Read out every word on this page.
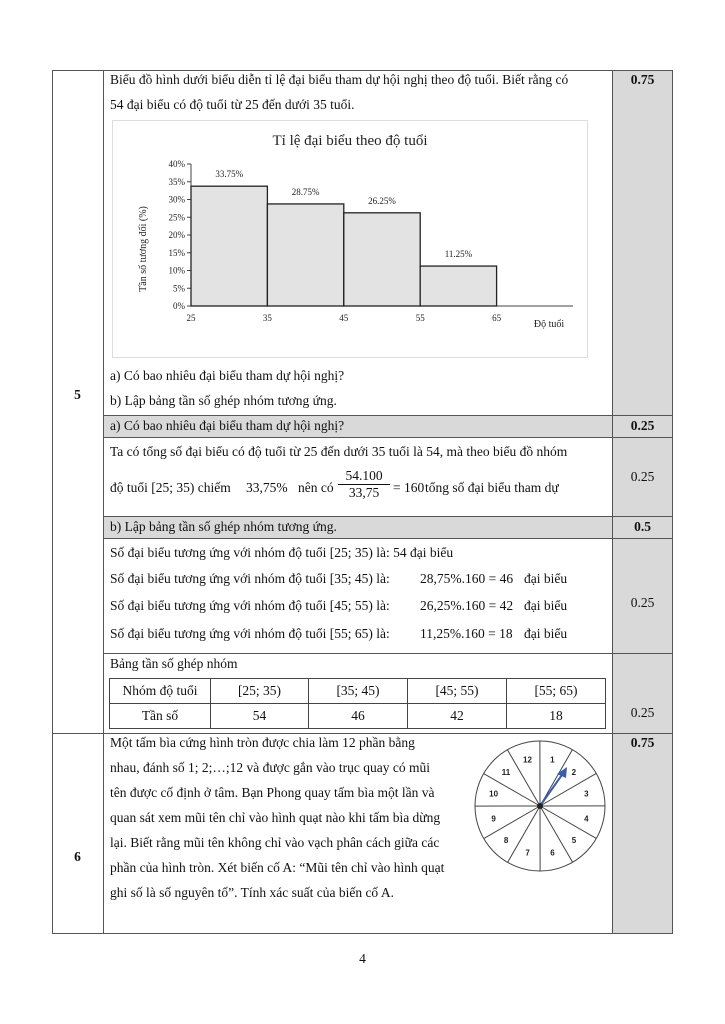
5
Biểu đồ hình dưới biểu diễn tỉ lệ đại biểu tham dự hội nghị theo độ tuổi. Biết rằng có
54 đại biểu có độ tuổi từ 25 đến dưới 35 tuổi.
0.75
Tỉ lệ đại biểu theo độ tuổi
Tần số tương đối (%)
Độ tuổi
0%
5%
10%
15%
20%
25%
30%
35%
40%
33.75%
28.75%
26.25%
11.25%
25	35	45	55	65
a) Có bao nhiêu đại biểu tham dự hội nghị?
b) Lập bảng tần số ghép nhóm tương ứng.
a) Có bao nhiêu đại biểu tham dự hội nghị?	0.25
Ta có tổng số đại biểu có độ tuổi từ 25 đến dưới 35 tuổi là 54, mà theo biểu đồ nhóm
độ tuổi [25; 35) chiếm 33,75% nên có $\frac{54.100}{33,75} = 160$ tổng số đại biểu tham dự
0.25
b) Lập bảng tần số ghép nhóm tương ứng.	0.5
Số đại biểu tương ứng với nhóm độ tuổi [25; 35) là: 54 đại biểu
Số đại biểu tương ứng với nhóm độ tuổi [35; 45) là: 28,75%.160 = 46 đại biểu
Số đại biểu tương ứng với nhóm độ tuổi [45; 55) là: 26,25%.160 = 42 đại biểu
Số đại biểu tương ứng với nhóm độ tuổi [55; 65) là: 11,25%.160 = 18 đại biểu
0.25
Bảng tần số ghép nhóm
Nhóm độ tuổi	[25; 35)	[35; 45)	[45; 55)	[55; 65)
Tần số	54	46	42	18	0.25
6
0.75
Một tấm bìa cứng hình tròn được chia làm 12 phần bằng
nhau, đánh số 1; 2;…;12 và được gắn vào trục quay có mũi
tên được cố định ở tâm. Bạn Phong quay tấm bìa một lần và
quan sát xem mũi tên chỉ vào hình quạt nào khi tấm bìa dừng
lại. Biết rằng mũi tên không chỉ vào vạch phân cách giữa các
phần của hình tròn. Xét biến cố A: “Mũi tên chỉ vào hình quạt
ghi số là số nguyên tố”. Tính xác suất của biến cố A.
1
2
3
4
5
6
7
8
9
10
11
12
4
